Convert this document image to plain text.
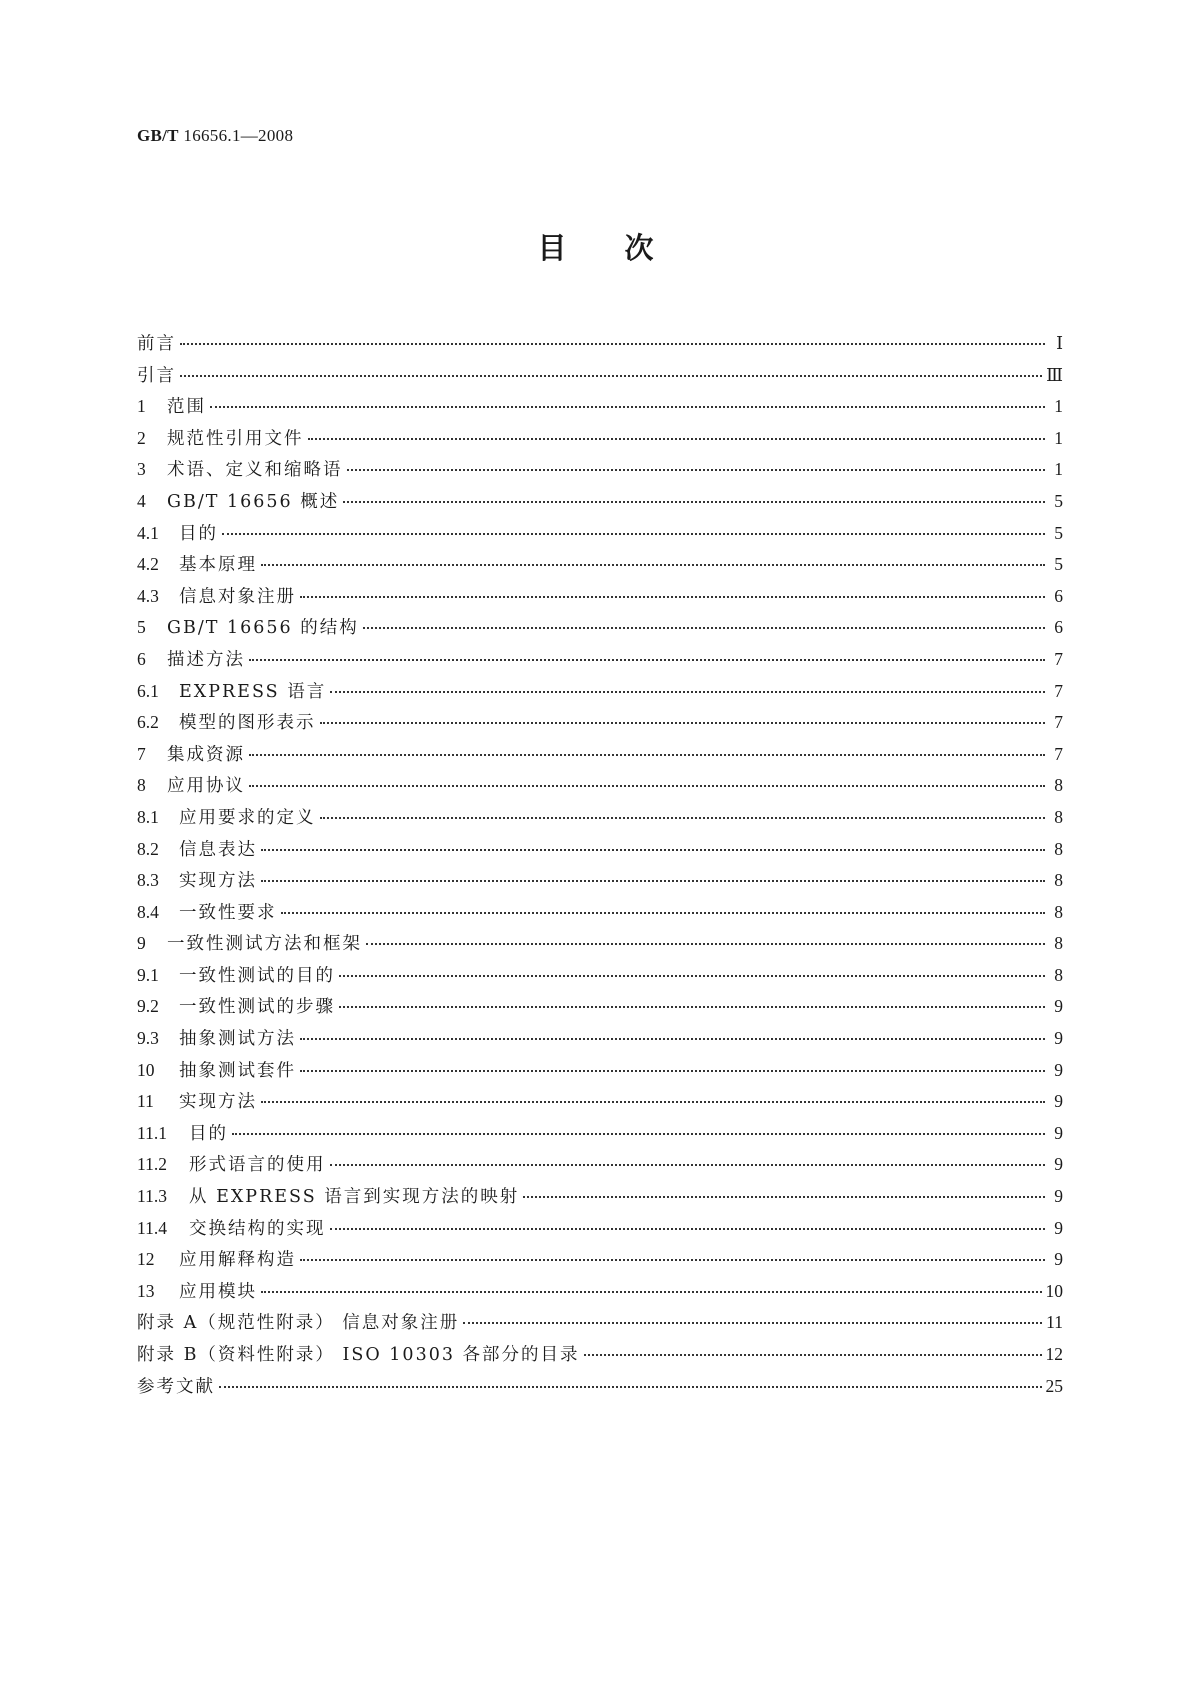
GB/T 16656.1—2008
目次
前言	Ⅰ
引言	Ⅲ
1	范围	1
2	规范性引用文件	1
3	术语、定义和缩略语	1
4	GB/T 16656 概述	5
4.1	目的	5
4.2	基本原理	5
4.3	信息对象注册	6
5	GB/T 16656 的结构	6
6	描述方法	7
6.1	EXPRESS 语言	7
6.2	模型的图形表示	7
7	集成资源	7
8	应用协议	8
8.1	应用要求的定义	8
8.2	信息表达	8
8.3	实现方法	8
8.4	一致性要求	8
9	一致性测试方法和框架	8
9.1	一致性测试的目的	8
9.2	一致性测试的步骤	9
9.3	抽象测试方法	9
10	抽象测试套件	9
11	实现方法	9
11.1	目的	9
11.2	形式语言的使用	9
11.3	从 EXPRESS 语言到实现方法的映射	9
11.4	交换结构的实现	9
12	应用解释构造	9
13	应用模块	10
附录 A（规范性附录） 信息对象注册	11
附录 B（资料性附录） ISO 10303 各部分的目录	12
参考文献	25
